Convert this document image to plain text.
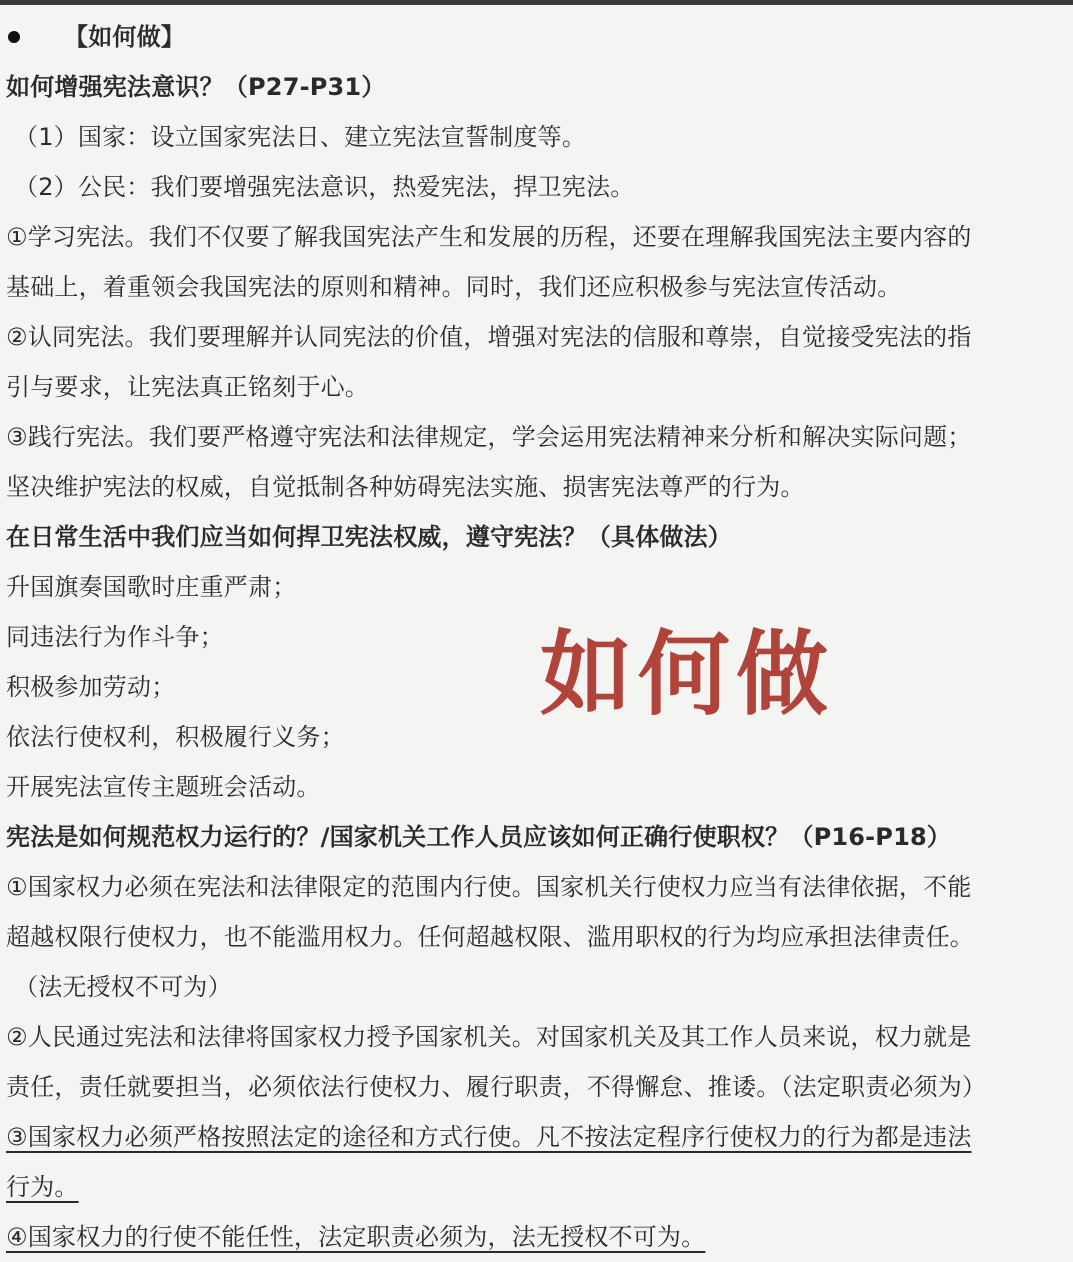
【如何做】
如何增强宪法意识？（P27-P31）
（1）国家：设立国家宪法日、建立宪法宣誓制度等。
（2）公民：我们要增强宪法意识，热爱宪法，捍卫宪法。
①学习宪法。我们不仅要了解我国宪法产生和发展的历程，还要在理解我国宪法主要内容的
基础上，着重领会我国宪法的原则和精神。同时，我们还应积极参与宪法宣传活动。
②认同宪法。我们要理解并认同宪法的价值，增强对宪法的信服和尊崇，自觉接受宪法的指
引与要求，让宪法真正铭刻于心。
③践行宪法。我们要严格遵守宪法和法律规定，学会运用宪法精神来分析和解决实际问题；
坚决维护宪法的权威，自觉抵制各种妨碍宪法实施、损害宪法尊严的行为。
在日常生活中我们应当如何捍卫宪法权威，遵守宪法？（具体做法）
升国旗奏国歌时庄重严肃；
同违法行为作斗争；
积极参加劳动；
依法行使权利，积极履行义务；
开展宪法宣传主题班会活动。
宪法是如何规范权力运行的？/国家机关工作人员应该如何正确行使职权？（P16-P18）
①国家权力必须在宪法和法律限定的范围内行使。国家机关行使权力应当有法律依据，不能
超越权限行使权力，也不能滥用权力。任何超越权限、滥用职权的行为均应承担法律责任。
（法无授权不可为）
②人民通过宪法和法律将国家权力授予国家机关。对国家机关及其工作人员来说，权力就是
责任，责任就要担当，必须依法行使权力、履行职责，不得懈怠、推诿。（法定职责必须为）
③国家权力必须严格按照法定的途径和方式行使。凡不按法定程序行使权力的行为都是违法
行为。
④国家权力的行使不能任性，法定职责必须为，法无授权不可为。
如何做
